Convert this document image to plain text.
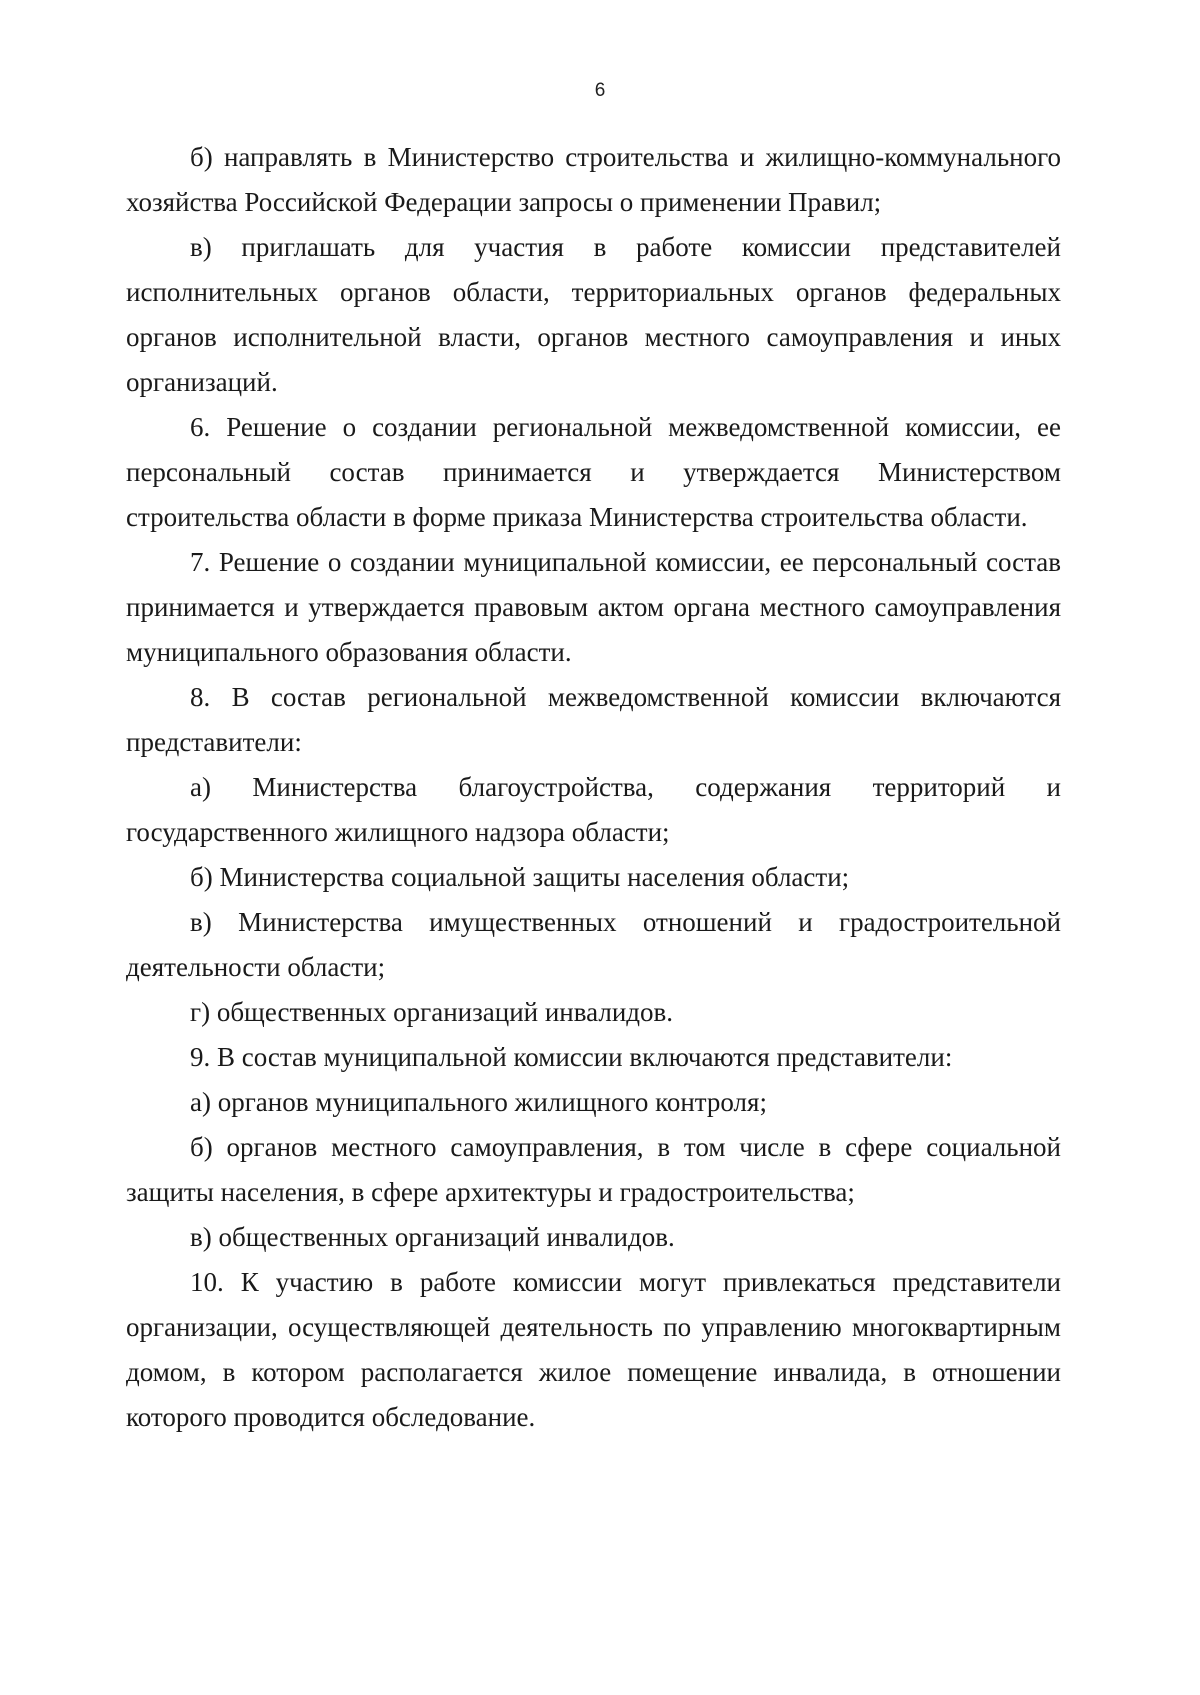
6

б) направлять в Министерство строительства и жилищно-коммунального хозяйства Российской Федерации запросы о применении Правил;

в) приглашать для участия в работе комиссии представителей исполнительных органов области, территориальных органов федеральных органов исполнительной власти, органов местного самоуправления и иных организаций.

6. Решение о создании региональной межведомственной комиссии, ее персональный состав принимается и утверждается Министерством строительства области в форме приказа Министерства строительства области.

7. Решение о создании муниципальной комиссии, ее персональный состав принимается и утверждается правовым актом органа местного самоуправления муниципального образования области.

8. В состав региональной межведомственной комиссии включаются представители:

а) Министерства благоустройства, содержания территорий и государственного жилищного надзора области;

б) Министерства социальной защиты населения области;

в) Министерства имущественных отношений и градостроительной деятельности области;

г) общественных организаций инвалидов.

9. В состав муниципальной комиссии включаются представители:

а) органов муниципального жилищного контроля;

б) органов местного самоуправления, в том числе в сфере социальной защиты населения, в сфере архитектуры и градостроительства;

в) общественных организаций инвалидов.

10. К участию в работе комиссии могут привлекаться представители организации, осуществляющей деятельность по управлению многоквартирным домом, в котором располагается жилое помещение инвалида, в отношении которого проводится обследование.
